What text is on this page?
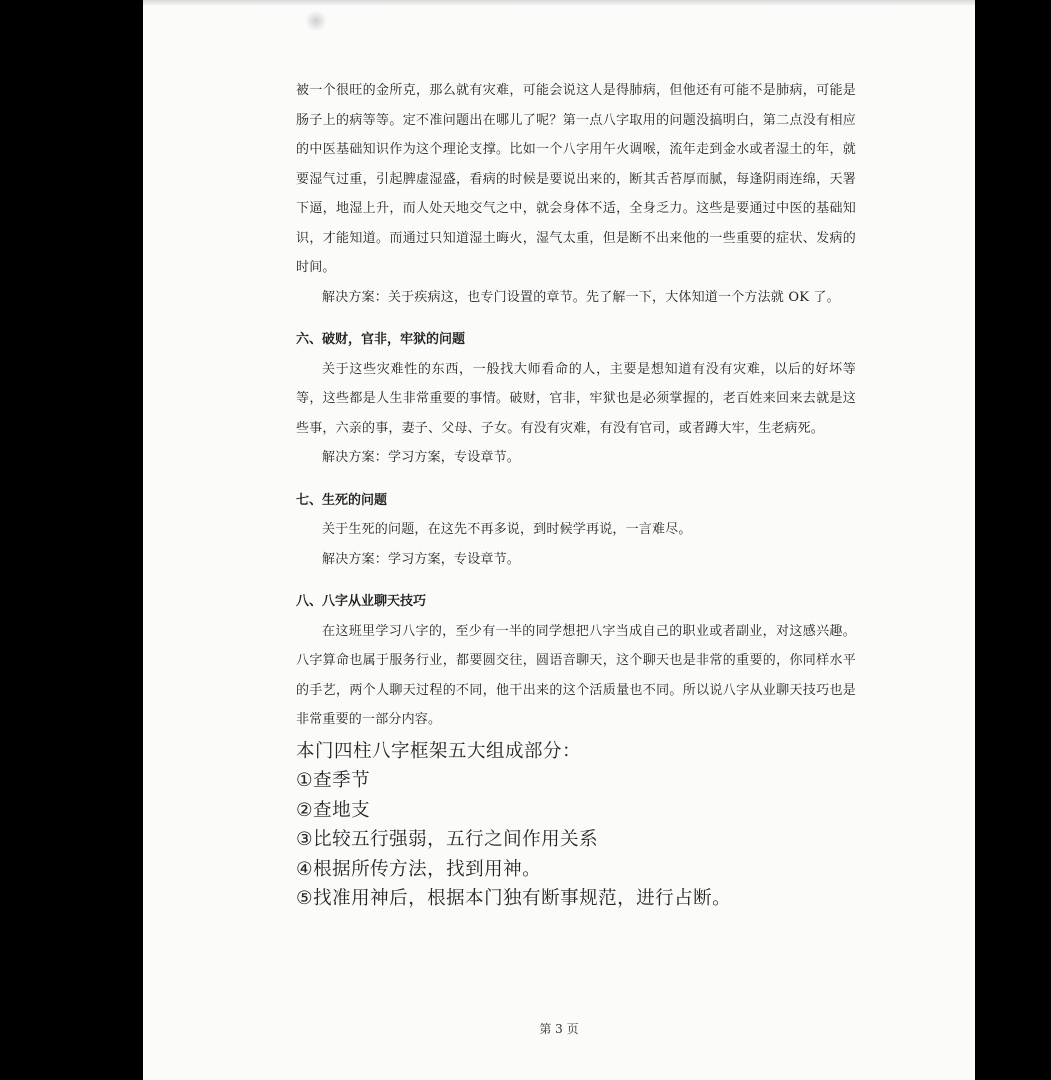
被一个很旺的金所克，那么就有灾难，可能会说这人是得肺病，但他还有可能不是肺病，可能是肠子上的病等等。定不准问题出在哪儿了呢？第一点八字取用的问题没搞明白，第二点没有相应的中医基础知识作为这个理论支撑。比如一个八字用午火调喉，流年走到金水或者湿土的年，就要湿气过重，引起脾虚湿盛，看病的时候是要说出来的，断其舌苔厚而腻，每逢阴雨连绵，天署下逼，地湿上升，而人处天地交气之中，就会身体不适，全身乏力。这些是要通过中医的基础知识，才能知道。而通过只知道湿土晦火，湿气太重，但是断不出来他的一些重要的症状、发病的时间。

解决方案：关于疾病这，也专门设置的章节。先了解一下，大体知道一个方法就 OK 了。

六、破财，官非，牢狱的问题

关于这些灾难性的东西，一般找大师看命的人，主要是想知道有没有灾难，以后的好坏等等，这些都是人生非常重要的事情。破财，官非，牢狱也是必须掌握的，老百姓来回来去就是这些事，六亲的事，妻子、父母、子女。有没有灾难，有没有官司，或者蹲大牢，生老病死。

解决方案：学习方案，专设章节。

七、生死的问题

关于生死的问题，在这先不再多说，到时候学再说，一言难尽。

解决方案：学习方案，专设章节。

八、八字从业聊天技巧

在这班里学习八字的，至少有一半的同学想把八字当成自己的职业或者副业，对这感兴趣。八字算命也属于服务行业，都要圆交往，圆语音聊天，这个聊天也是非常的重要的，你同样水平的手艺，两个人聊天过程的不同，他干出来的这个活质量也不同。所以说八字从业聊天技巧也是非常重要的一部分内容。

本门四柱八字框架五大组成部分：

①查季节

②查地支

③比较五行强弱，五行之间作用关系

④根据所传方法，找到用神。

⑤找准用神后，根据本门独有断事规范，进行占断。

第 3 页
